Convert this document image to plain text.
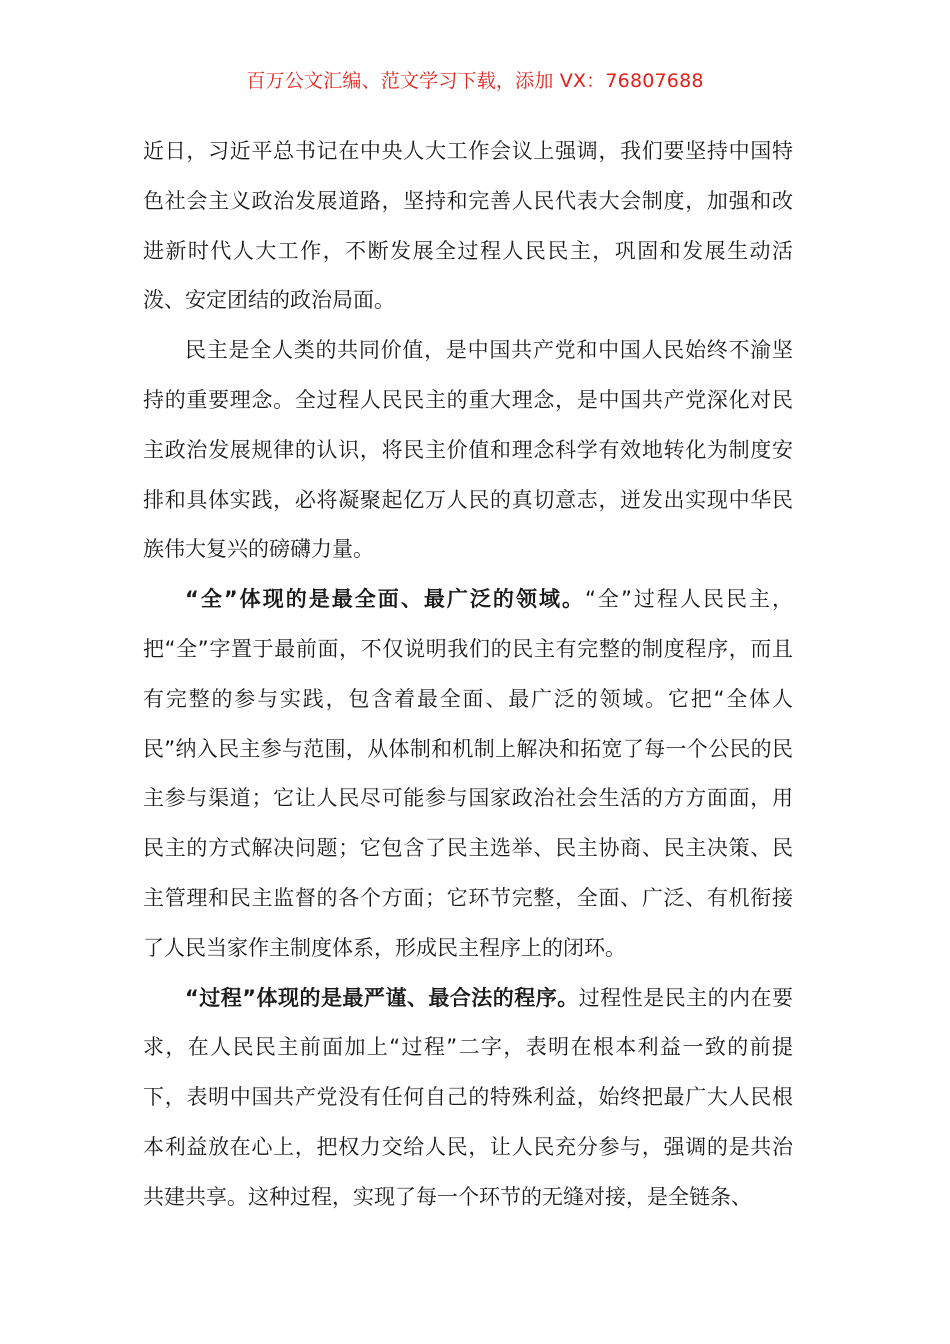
百万公文汇编、范文学习下载，添加 VX：76807688

近日，习近平总书记在中央人大工作会议上强调，我们要坚持中国特色社会主义政治发展道路，坚持和完善人民代表大会制度，加强和改进新时代人大工作，不断发展全过程人民民主，巩固和发展生动活泼、安定团结的政治局面。

民主是全人类的共同价值，是中国共产党和中国人民始终不渝坚持的重要理念。全过程人民民主的重大理念，是中国共产党深化对民主政治发展规律的认识，将民主价值和理念科学有效地转化为制度安排和具体实践，必将凝聚起亿万人民的真切意志，迸发出实现中华民族伟大复兴的磅礴力量。

“全”体现的是最全面、最广泛的领域。“全”过程人民民主，把“全”字置于最前面，不仅说明我们的民主有完整的制度程序，而且有完整的参与实践，包含着最全面、最广泛的领域。它把“全体人民”纳入民主参与范围，从体制和机制上解决和拓宽了每一个公民的民主参与渠道；它让人民尽可能参与国家政治社会生活的方方面面，用民主的方式解决问题；它包含了民主选举、民主协商、民主决策、民主管理和民主监督的各个方面；它环节完整，全面、广泛、有机衔接了人民当家作主制度体系，形成民主程序上的闭环。

“过程”体现的是最严谨、最合法的程序。过程性是民主的内在要求，在人民民主前面加上“过程”二字，表明在根本利益一致的前提下，表明中国共产党没有任何自己的特殊利益，始终把最广大人民根本利益放在心上，把权力交给人民，让人民充分参与，强调的是共治共建共享。这种过程，实现了每一个环节的无缝对接，是全链条、
